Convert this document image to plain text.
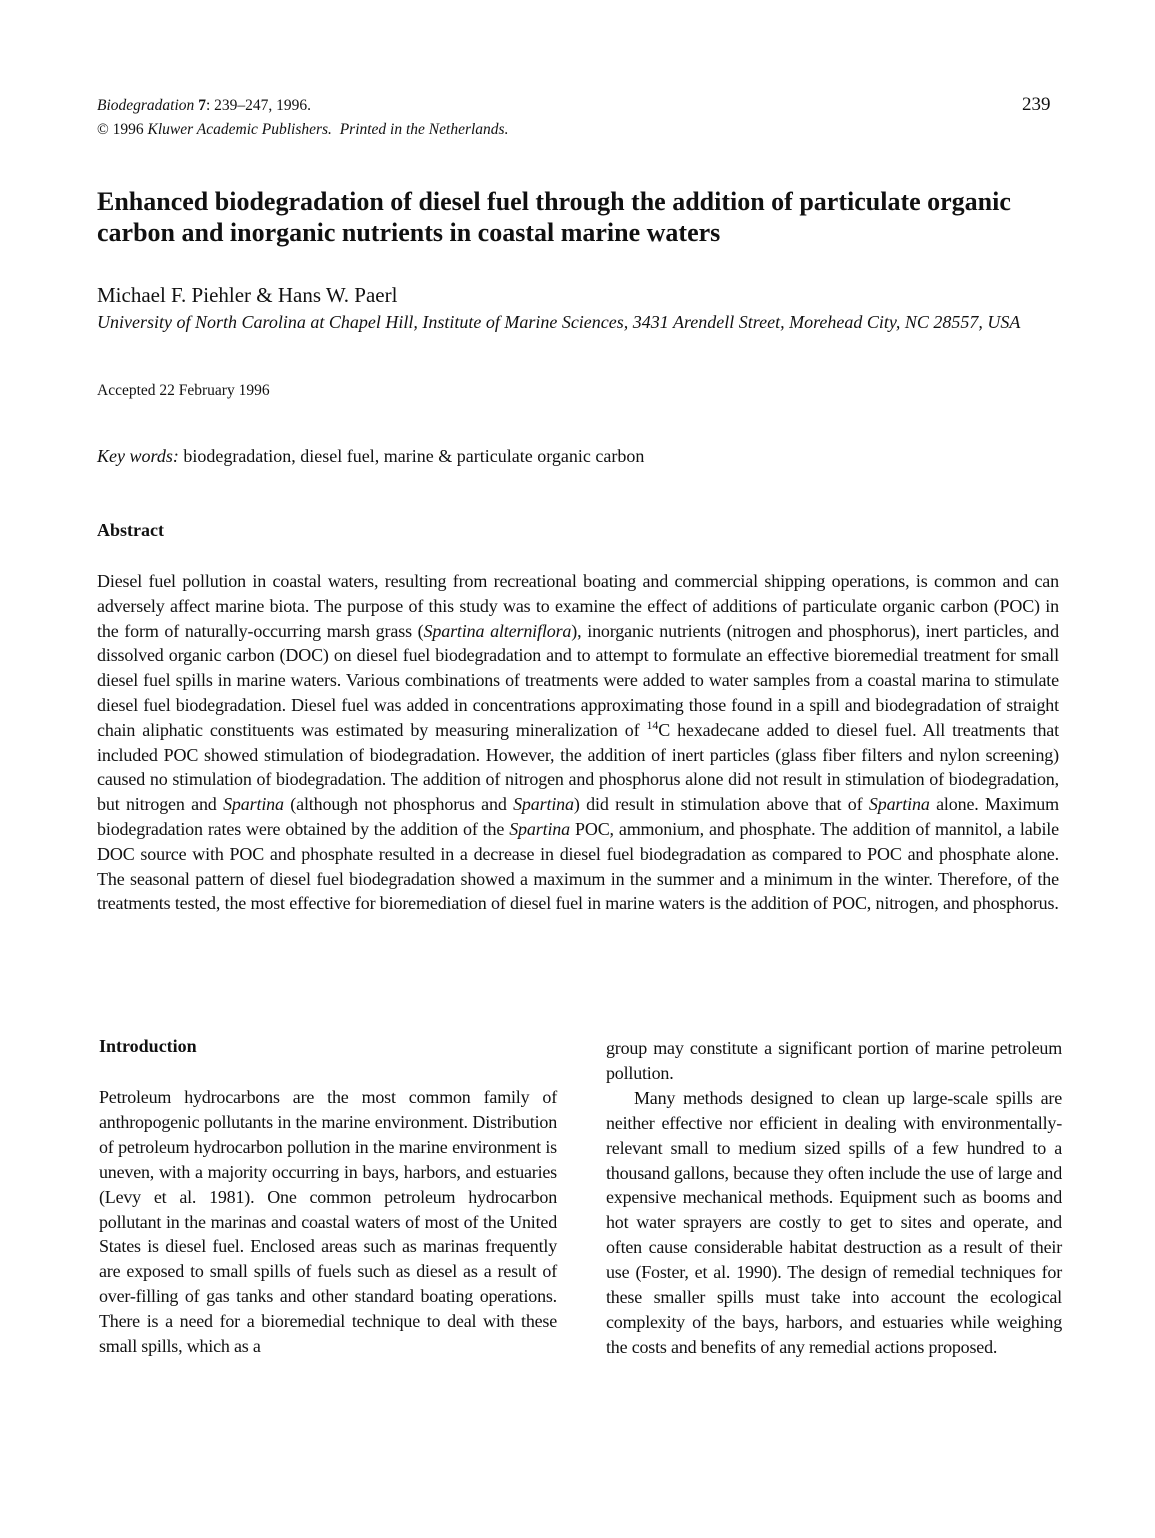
Biodegradation 7: 239–247, 1996.
© 1996 Kluwer Academic Publishers. Printed in the Netherlands.
239
Enhanced biodegradation of diesel fuel through the addition of particulate organic carbon and inorganic nutrients in coastal marine waters
Michael F. Piehler & Hans W. Paerl
University of North Carolina at Chapel Hill, Institute of Marine Sciences, 3431 Arendell Street, Morehead City, NC 28557, USA
Accepted 22 February 1996
Key words: biodegradation, diesel fuel, marine & particulate organic carbon
Abstract

Diesel fuel pollution in coastal waters, resulting from recreational boating and commercial shipping operations, is common and can adversely affect marine biota. The purpose of this study was to examine the effect of additions of particulate organic carbon (POC) in the form of naturally-occurring marsh grass (Spartina alterniflora), inorganic nutrients (nitrogen and phosphorus), inert particles, and dissolved organic carbon (DOC) on diesel fuel biodegradation and to attempt to formulate an effective bioremedial treatment for small diesel fuel spills in marine waters. Various combinations of treatments were added to water samples from a coastal marina to stimulate diesel fuel biodegradation. Diesel fuel was added in concentrations approximating those found in a spill and biodegradation of straight chain aliphatic constituents was estimated by measuring mineralization of $^{14}$C hexadecane added to diesel fuel. All treatments that included POC showed stimulation of biodegradation. However, the addition of inert particles (glass fiber filters and nylon screening) caused no stimulation of biodegradation. The addition of nitrogen and phosphorus alone did not result in stimulation of biodegradation, but nitrogen and Spartina (although not phosphorus and Spartina) did result in stimulation above that of Spartina alone. Maximum biodegradation rates were obtained by the addition of the Spartina POC, ammonium, and phosphate. The addition of mannitol, a labile DOC source with POC and phosphate resulted in a decrease in diesel fuel biodegradation as compared to POC and phosphate alone. The seasonal pattern of diesel fuel biodegradation showed a maximum in the summer and a minimum in the winter. Therefore, of the treatments tested, the most effective for bioremediation of diesel fuel in marine waters is the addition of POC, nitrogen, and phosphorus.

Introduction

Petroleum hydrocarbons are the most common family of anthropogenic pollutants in the marine environment. Distribution of petroleum hydrocarbon pollution in the marine environment is uneven, with a majority occurring in bays, harbors, and estuaries (Levy et al. 1981). One common petroleum hydrocarbon pollutant in the marinas and coastal waters of most of the United States is diesel fuel. Enclosed areas such as marinas frequently are exposed to small spills of fuels such as diesel as a result of over-filling of gas tanks and other standard boating operations. There is a need for a bioremedial technique to deal with these small spills, which as a

group may constitute a significant portion of marine petroleum pollution.

Many methods designed to clean up large-scale spills are neither effective nor efficient in dealing with environmentally-relevant small to medium sized spills of a few hundred to a thousand gallons, because they often include the use of large and expensive mechanical methods. Equipment such as booms and hot water sprayers are costly to get to sites and operate, and often cause considerable habitat destruction as a result of their use (Foster, et al. 1990). The design of remedial techniques for these smaller spills must take into account the ecological complexity of the bays, harbors, and estuaries while weighing the costs and benefits of any remedial actions proposed.
